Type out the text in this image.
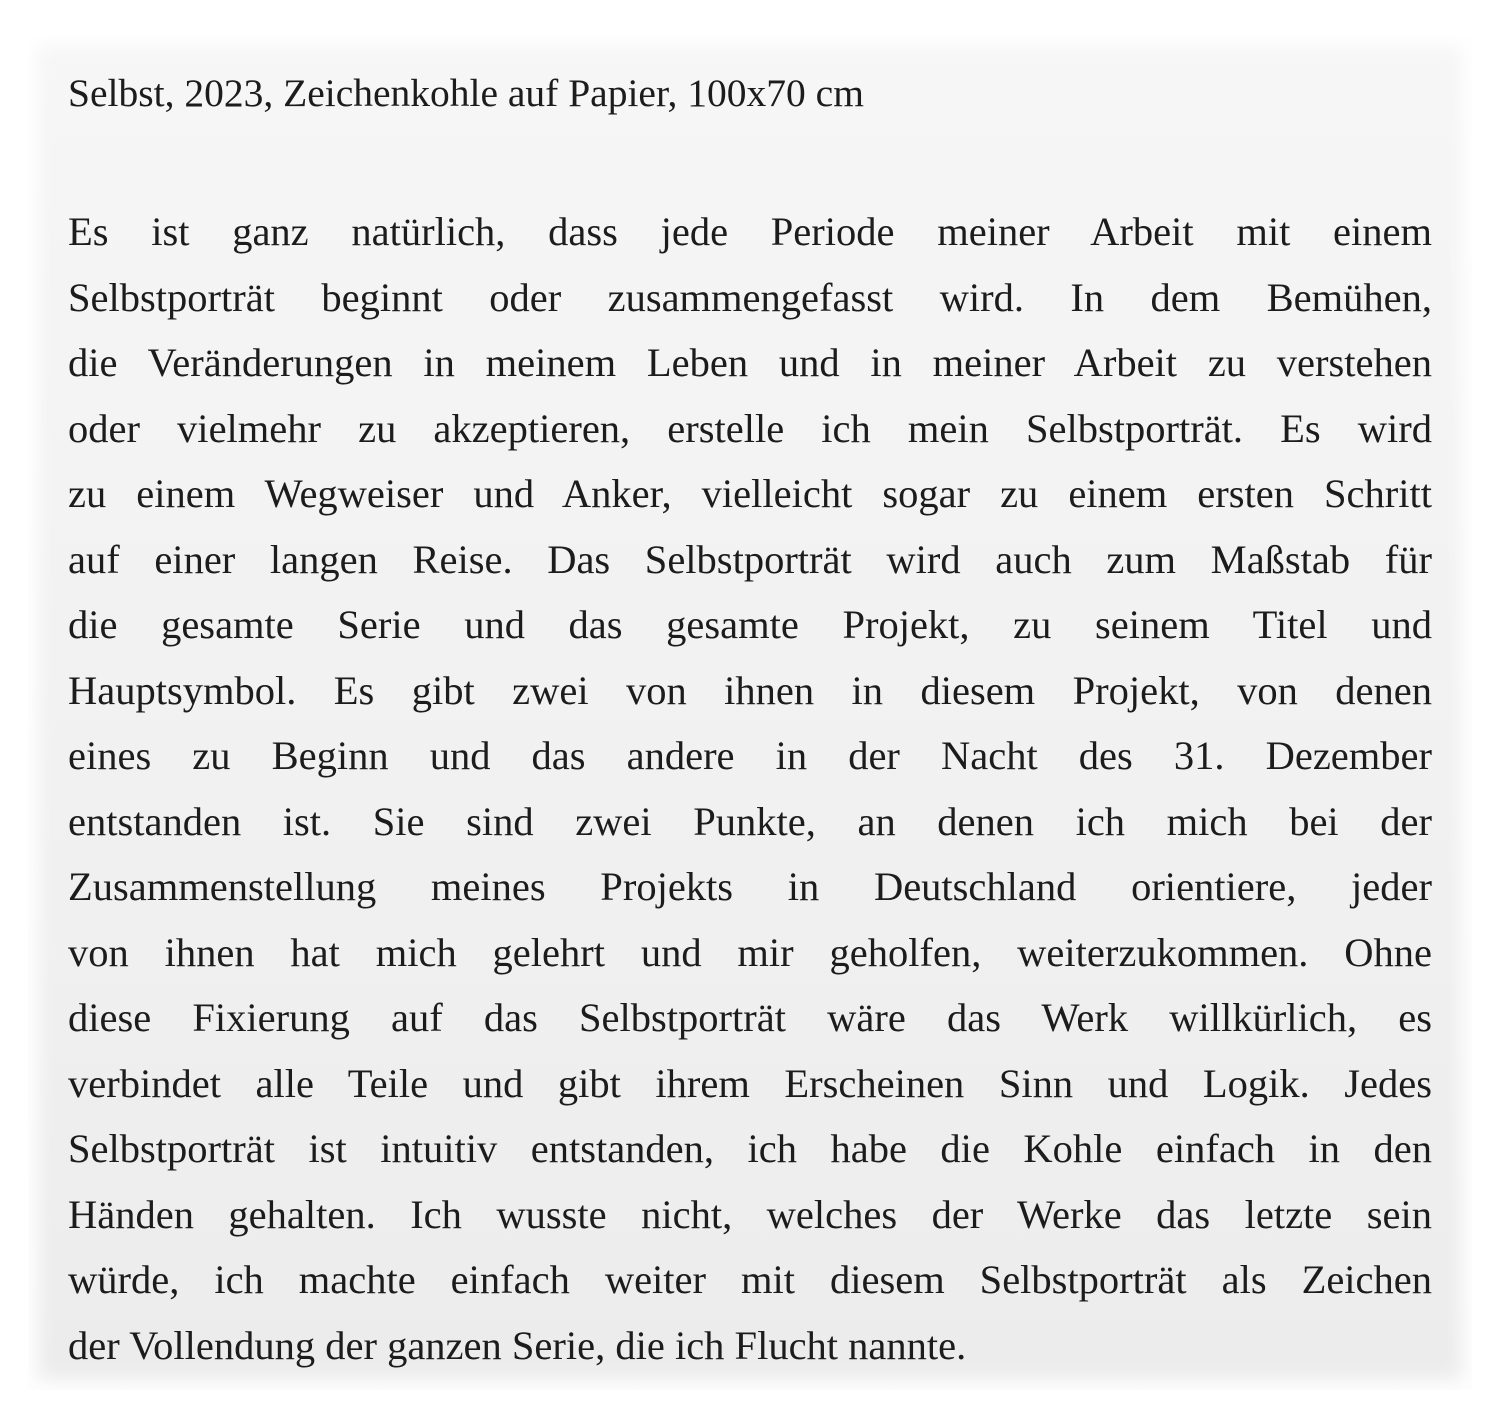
Selbst, 2023, Zeichenkohle auf Papier, 100x70 cm

Es ist ganz natürlich, dass jede Periode meiner Arbeit mit einem
Selbstporträt beginnt oder zusammengefasst wird. In dem Bemühen,
die Veränderungen in meinem Leben und in meiner Arbeit zu verstehen
oder vielmehr zu akzeptieren, erstelle ich mein Selbstporträt. Es wird
zu einem Wegweiser und Anker, vielleicht sogar zu einem ersten Schritt
auf einer langen Reise. Das Selbstporträt wird auch zum Maßstab für
die gesamte Serie und das gesamte Projekt, zu seinem Titel und
Hauptsymbol. Es gibt zwei von ihnen in diesem Projekt, von denen
eines zu Beginn und das andere in der Nacht des 31. Dezember
entstanden ist. Sie sind zwei Punkte, an denen ich mich bei der
Zusammenstellung meines Projekts in Deutschland orientiere, jeder
von ihnen hat mich gelehrt und mir geholfen, weiterzukommen. Ohne
diese Fixierung auf das Selbstporträt wäre das Werk willkürlich, es
verbindet alle Teile und gibt ihrem Erscheinen Sinn und Logik. Jedes
Selbstporträt ist intuitiv entstanden, ich habe die Kohle einfach in den
Händen gehalten. Ich wusste nicht, welches der Werke das letzte sein
würde, ich machte einfach weiter mit diesem Selbstporträt als Zeichen
der Vollendung der ganzen Serie, die ich Flucht nannte.
